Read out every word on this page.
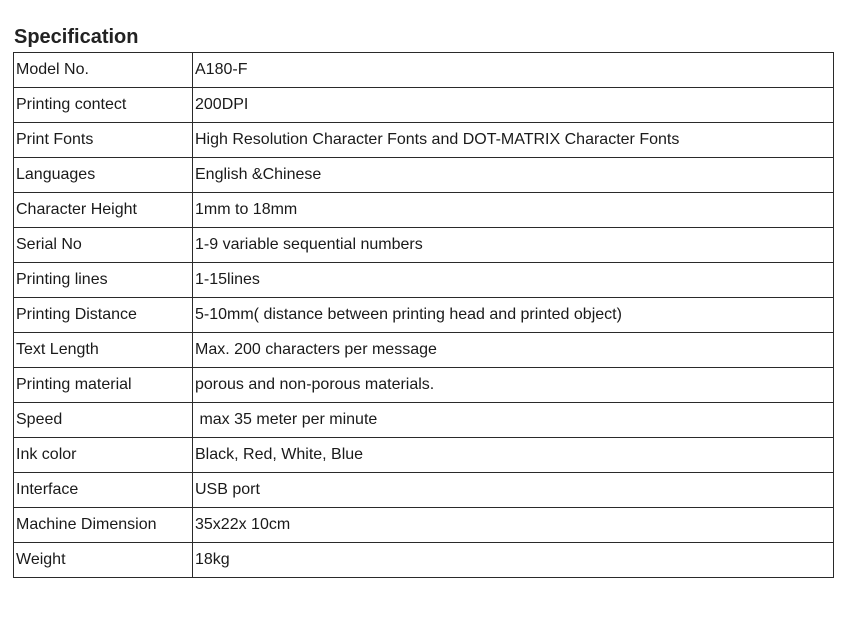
Specification
Model No.	A180-F
Printing contect	200DPI
Print Fonts	High Resolution Character Fonts and DOT-MATRIX Character Fonts
Languages	English &Chinese
Character Height	1mm to 18mm
Serial No	1-9 variable sequential numbers
Printing lines	1-15lines
Printing Distance	5-10mm( distance between printing head and printed object)
Text Length	Max. 200 characters per message
Printing material	porous and non-porous materials.
Speed	max 35 meter per minute
Ink color	Black, Red, White, Blue
Interface	USB port
Machine Dimension	35x22x 10cm
Weight	18kg
